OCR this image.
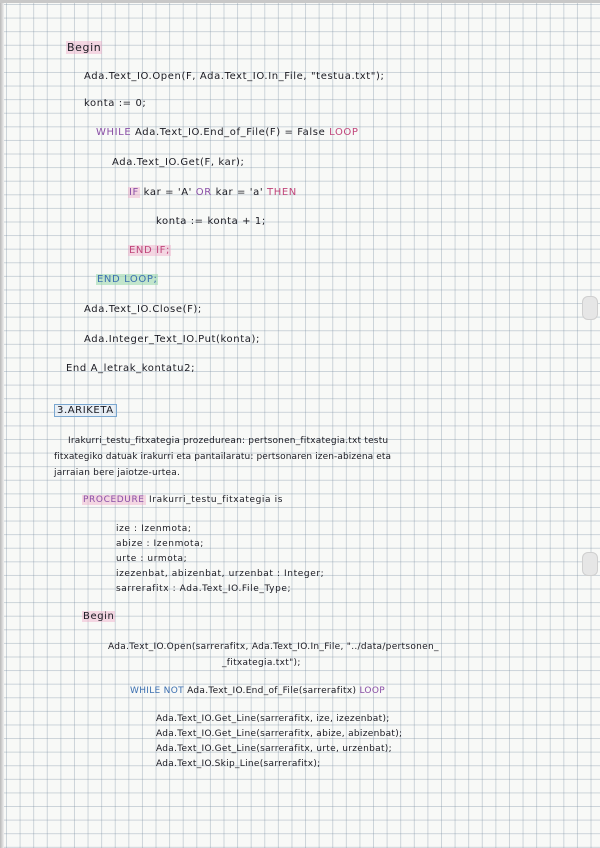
Begin
Ada.Text_IO.Open(F, Ada.Text_IO.In_File, "testua.txt");
konta := 0;
WHILE Ada.Text_IO.End_of_File(F) = False LOOP
Ada.Text_IO.Get(F, kar);
IF kar = 'A' OR kar = 'a' THEN
konta := konta + 1;
END IF;
END LOOP;
Ada.Text_IO.Close(F);
Ada.Integer_Text_IO.Put(konta);
End A_letrak_kontatu2;
3.ARIKETA
Irakurri_testu_fitxategia prozedurean: pertsonen_fitxategia.txt testu
fitxategiko datuak irakurri eta pantailaratu: pertsonaren izen-abizena eta
jarraian bere jaiotze-urtea.
PROCEDURE Irakurri_testu_fitxategia is
ize : Izenmota;
abize : Izenmota;
urte : urmota;
izezenbat, abizenbat, urzenbat : Integer;
sarrerafitx : Ada.Text_IO.File_Type;
Begin
Ada.Text_IO.Open(sarrerafitx, Ada.Text_IO.In_File, "../data/pertsonen_
_fitxategia.txt");
WHILE NOT Ada.Text_IO.End_of_File(sarrerafitx) LOOP
Ada.Text_IO.Get_Line(sarrerafitx, ize, izezenbat);
Ada.Text_IO.Get_Line(sarrerafitx, abize, abizenbat);
Ada.Text_IO.Get_Line(sarrerafitx, urte, urzenbat);
Ada.Text_IO.Skip_Line(sarrerafitx);
